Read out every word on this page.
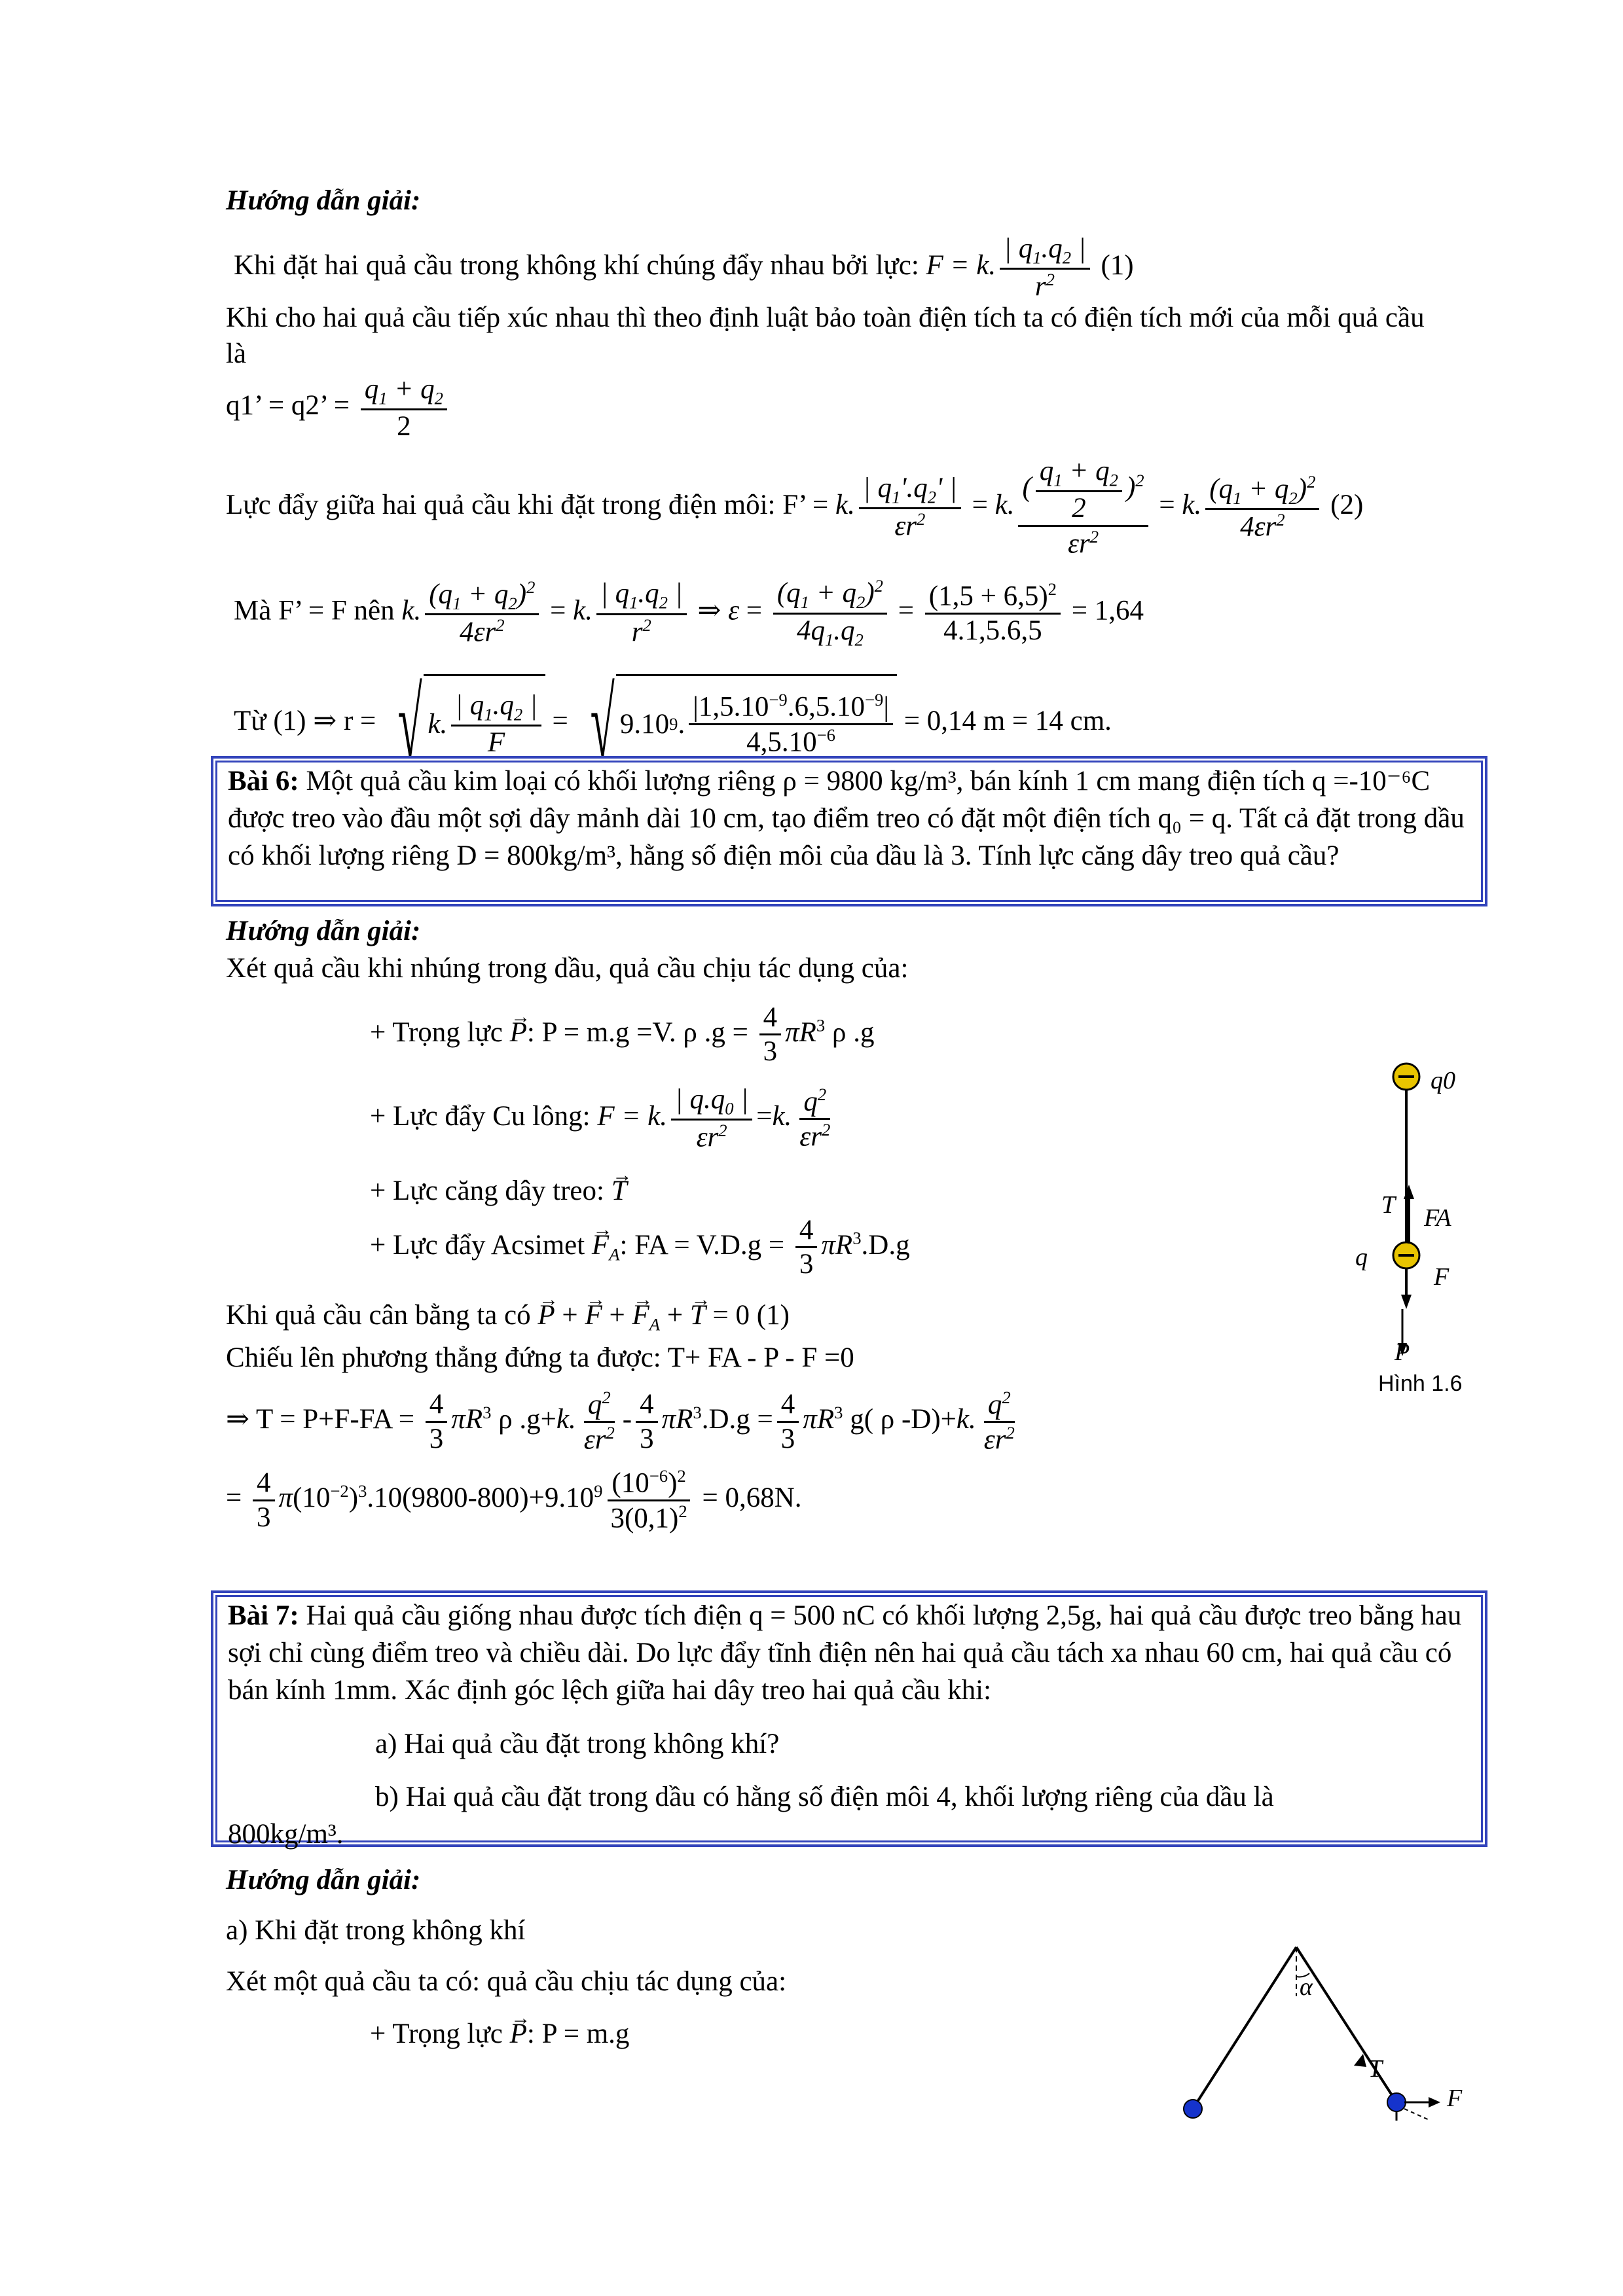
Hướng dẫn giải:
Khi đặt hai quả cầu trong không khí chúng đẩy nhau bởi lực: F = k. $\frac{| q_1.q_2 |}{r^2} (1)$
Khi cho hai quả cầu tiếp xúc nhau thì theo định luật bảo toàn điện tích ta có điện tích mới của mỗi quả cầu là
q1’ = q2’ = $\frac{q_1 + q_2}{2}$
Lực đẩy giữa hai quả cầu khi đặt trong điện môi: F’ = k. $\frac{| q_1'.q_2' |}{\varepsilon r^2} = k$. $\frac{( \frac{q_1 + q_2}{2} )^2}{\varepsilon r^2} = k$. $\frac{(q_1 + q_2)^2}{4\varepsilon r^2} (2)$
Mà F’ = F nên k. $\frac{(q_1 + q_2)^2}{4\varepsilon r^2} = k$. $\frac{| q_1.q_2 |}{r^2}$ ⇒ $\varepsilon = \frac{(q_1 + q_2)^2}{4q_1.q_2} = \frac{(1,5 + 6,5)^2}{4.1,5.6,5} = 1,64$
Từ (1) ⇒ r = √ k. $\frac{| q_1.q_2 |}{F}$ = √ 9.10 9 . $\frac{|1,5.10^{-9}.6,5.10^{-9}|}{4,5.10^{-6}} = 0,14$ m = 14 cm.

Bài 6: Một quả cầu kim loại có khối lượng riêng ρ = 9800 kg/m³, bán kính 1 cm mang điện tích q =-10⁻⁶C được treo vào đầu một sợi dây mảnh dài 10 cm, tạo điểm treo có đặt một điện tích q₀ = q. Tất cả đặt trong dầu có khối lượng riêng D = 800kg/m³, hằng số điện môi của dầu là 3. Tính lực căng dây treo quả cầu?

Hướng dẫn giải:
Xét quả cầu khi nhúng trong dầu, quả cầu chịu tác dụng của:
+ Trọng lực → P: P = m.g =V. ρ $.g = \frac{4}{3} \pi R^3$ ρ .g
+ Lực đẩy Cu lông: F = k. $\frac{| q.q_0 |}{\varepsilon r^2} =k$. $\frac{q^2}{\varepsilon r^2}$
+ Lực căng dây treo: → T
+ Lực đẩy Acsimet → $F_A$: FA = $V.D.g = \frac{4}{3} \pi R^3.D.g$
Khi quả cầu cân bằng ta có → P + → F + → $F_A$ + → T = 0 (1)
Chiếu lên phương thẳng đứng ta được: T+ FA - P - F =0
⇒ $T = P+F-FA = \frac{4}{3} \pi R^3$ ρ .g+k. $\frac{q^2}{\varepsilon r^2} - \frac{4}{3} \pi R^3.D.g = \frac{4}{3} \pi R^3$ g( ρ -D)+k. $\frac{q^2}{\varepsilon r^2}$
= $\frac{4}{3} \pi(10^{-2})^3.10(9800-800)+9.10^9 \frac{(10^{-6})^2}{3(0,1)^2} = 0,68N$.
q0
T FA
q
F
P
Hình 1.6

Bài 7: Hai quả cầu giống nhau được tích điện q = 500 nC có khối lượng 2,5g, hai quả cầu được treo bằng hau sợi chỉ cùng điểm treo và chiều dài. Do lực đẩy tĩnh điện nên hai quả cầu tách xa nhau 60 cm, hai quả cầu có bán kính 1mm. Xác định góc lệch giữa hai dây treo hai quả cầu khi:

a) Hai quả cầu đặt trong không khí?

b) Hai quả cầu đặt trong dầu có hằng số điện môi 4, khối lượng riêng của dầu là

800kg/m³.

Hướng dẫn giải:
a) Khi đặt trong không khí
Xét một quả cầu ta có: quả cầu chịu tác dụng của:
+ Trọng lực → P: P = m.g
α
T
F
